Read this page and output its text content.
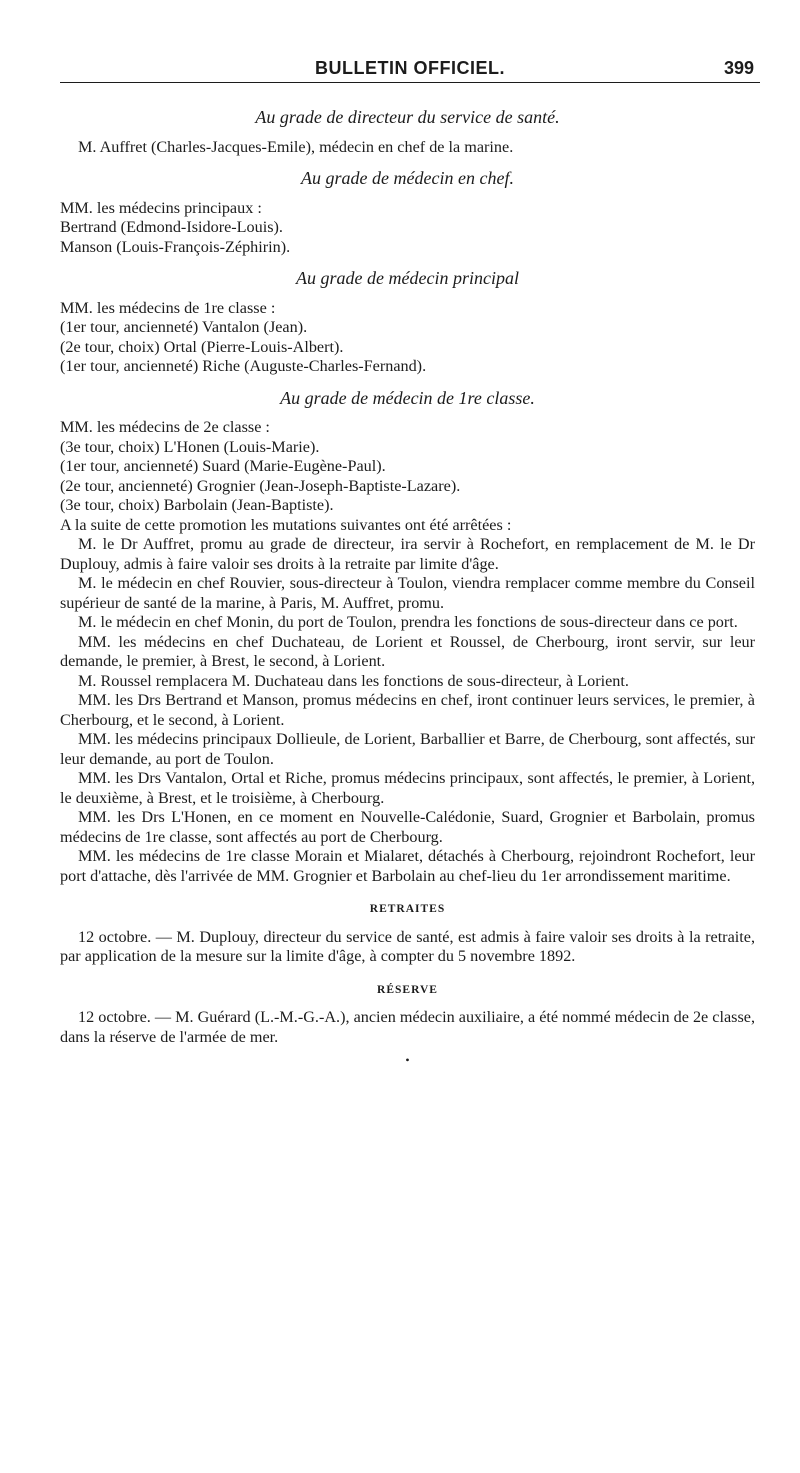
BULLETIN OFFICIEL.	399
Au grade de directeur du service de santé.

M. Auffret (Charles-Jacques-Emile), médecin en chef de la marine.

Au grade de médecin en chef.

MM. les médecins principaux :

Bertrand (Edmond-Isidore-Louis).

Manson (Louis-François-Zéphirin).

Au grade de médecin principal

MM. les médecins de 1re classe :

(1er tour, ancienneté) Vantalon (Jean).

(2e tour, choix) Ortal (Pierre-Louis-Albert).

(1er tour, ancienneté) Riche (Auguste-Charles-Fernand).

Au grade de médecin de 1re classe.

MM. les médecins de 2e classe :

(3e tour, choix) L'Honen (Louis-Marie).

(1er tour, ancienneté) Suard (Marie-Eugène-Paul).

(2e tour, ancienneté) Grognier (Jean-Joseph-Baptiste-Lazare).

(3e tour, choix) Barbolain (Jean-Baptiste).

A la suite de cette promotion les mutations suivantes ont été arrêtées :

M. le Dr Auffret, promu au grade de directeur, ira servir à Rochefort, en remplacement de M. le Dr Duplouy, admis à faire valoir ses droits à la retraite par limite d'âge.

M. le médecin en chef Rouvier, sous-directeur à Toulon, viendra remplacer comme membre du Conseil supérieur de santé de la marine, à Paris, M. Auffret, promu.

M. le médecin en chef Monin, du port de Toulon, prendra les fonctions de sous-directeur dans ce port.

MM. les médecins en chef Duchateau, de Lorient et Roussel, de Cherbourg, iront servir, sur leur demande, le premier, à Brest, le second, à Lorient.

M. Roussel remplacera M. Duchateau dans les fonctions de sous-directeur, à Lorient.

MM. les Drs Bertrand et Manson, promus médecins en chef, iront continuer leurs services, le premier, à Cherbourg, et le second, à Lorient.

MM. les médecins principaux Dollieule, de Lorient, Barballier et Barre, de Cherbourg, sont affectés, sur leur demande, au port de Toulon.

MM. les Drs Vantalon, Ortal et Riche, promus médecins principaux, sont affectés, le premier, à Lorient, le deuxième, à Brest, et le troisième, à Cherbourg.

MM. les Drs L'Honen, en ce moment en Nouvelle-Calédonie, Suard, Grognier et Barbolain, promus médecins de 1re classe, sont affectés au port de Cherbourg.

MM. les médecins de 1re classe Morain et Mialaret, détachés à Cherbourg, rejoindront Rochefort, leur port d'attache, dès l'arrivée de MM. Grognier et Barbolain au chef-lieu du 1er arrondissement maritime.

RETRAITES

12 octobre. — M. Duplouy, directeur du service de santé, est admis à faire valoir ses droits à la retraite, par application de la mesure sur la limite d'âge, à compter du 5 novembre 1892.

RÉSERVE

12 octobre. — M. Guérard (L.-M.-G.-A.), ancien médecin auxiliaire, a été nommé médecin de 2e classe, dans la réserve de l'armée de mer.

•
